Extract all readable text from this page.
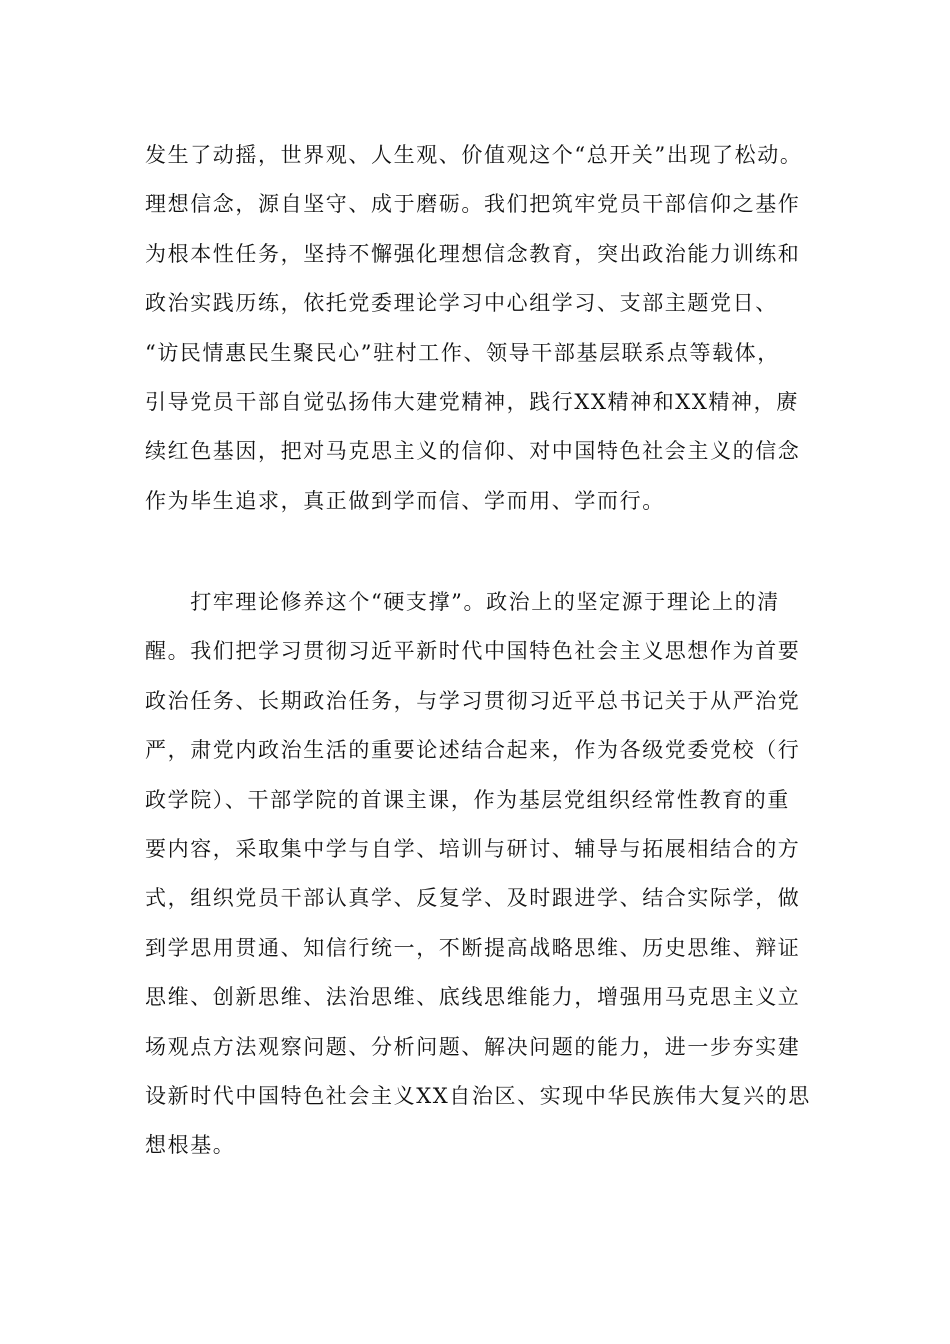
发生了动摇，世界观、人生观、价值观这个“总开关”出现了松动。
理想信念，源自坚守、成于磨砺。我们把筑牢党员干部信仰之基作
为根本性任务，坚持不懈强化理想信念教育，突出政治能力训练和
政治实践历练，依托党委理论学习中心组学习、支部主题党日、
“访民情惠民生聚民心”驻村工作、领导干部基层联系点等载体，
引导党员干部自觉弘扬伟大建党精神，践行XX精神和XX精神，赓
续红色基因，把对马克思主义的信仰、对中国特色社会主义的信念
作为毕生追求，真正做到学而信、学而用、学而行。
　　打牢理论修养这个“硬支撑”。政治上的坚定源于理论上的清
醒。我们把学习贯彻习近平新时代中国特色社会主义思想作为首要
政治任务、长期政治任务，与学习贯彻习近平总书记关于从严治党
严，肃党内政治生活的重要论述结合起来，作为各级党委党校（行
政学院）、干部学院的首课主课，作为基层党组织经常性教育的重
要内容，采取集中学与自学、培训与研讨、辅导与拓展相结合的方
式，组织党员干部认真学、反复学、及时跟进学、结合实际学，做
到学思用贯通、知信行统一，不断提高战略思维、历史思维、辩证
思维、创新思维、法治思维、底线思维能力，增强用马克思主义立
场观点方法观察问题、分析问题、解决问题的能力，进一步夯实建
设新时代中国特色社会主义XX自治区、实现中华民族伟大复兴的思
想根基。
